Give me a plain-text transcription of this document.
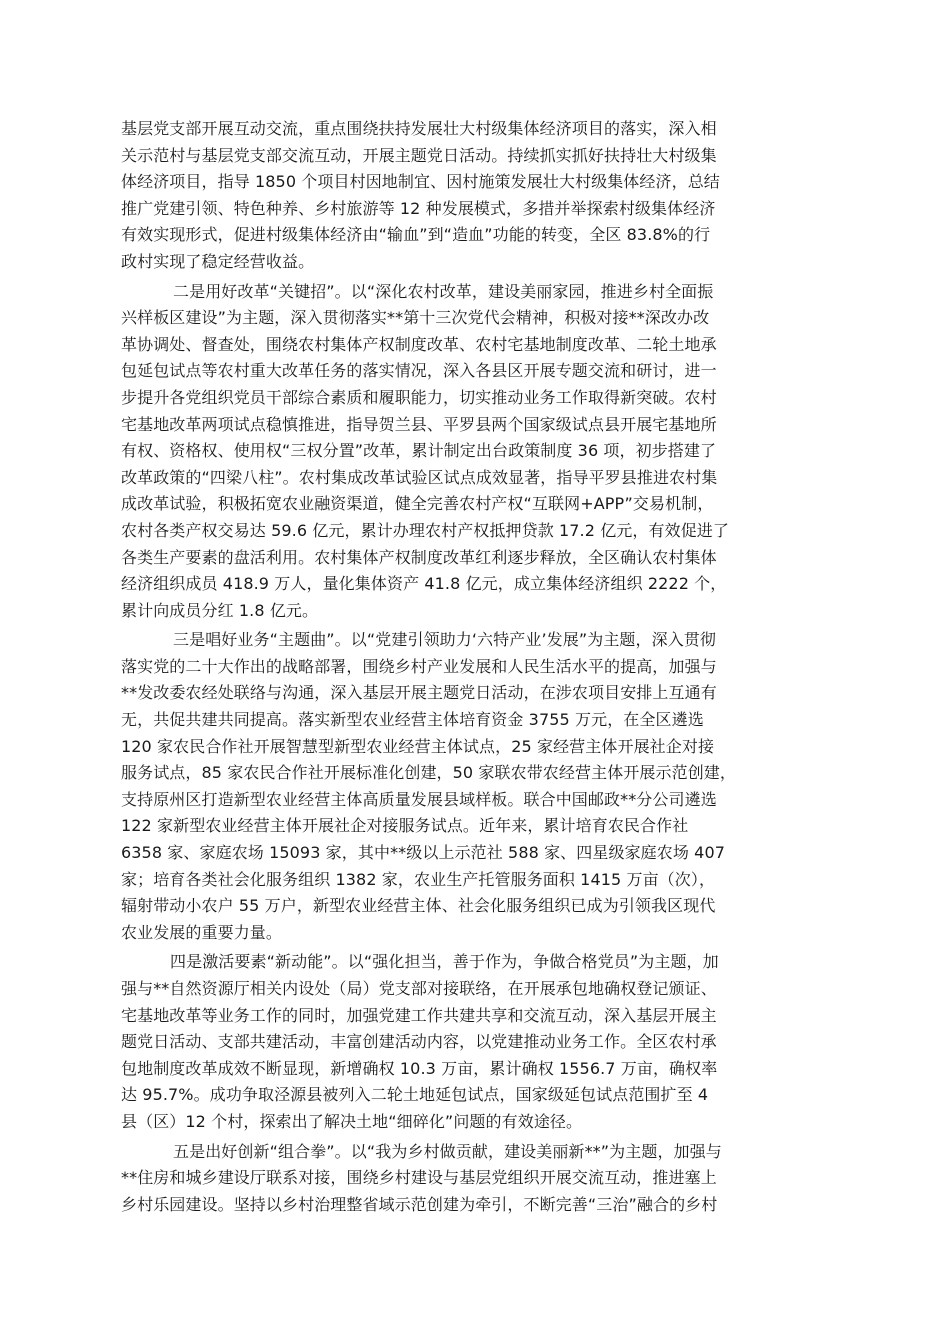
基层党支部开展互动交流，重点围绕扶持发展壮大村级集体经济项目的落实，深入相
关示范村与基层党支部交流互动，开展主题党日活动。持续抓实抓好扶持壮大村级集
体经济项目，指导 1850 个项目村因地制宜、因村施策发展壮大村级集体经济，总结
推广党建引领、特色种养、乡村旅游等 12 种发展模式，多措并举探索村级集体经济
有效实现形式，促进村级集体经济由“输血”到“造血”功能的转变，全区 83.8%的行
政村实现了稳定经营收益。
二是用好改革“关键招”。以“深化农村改革，建设美丽家园，推进乡村全面振
兴样板区建设”为主题，深入贯彻落实**第十三次党代会精神，积极对接**深改办改
革协调处、督查处，围绕农村集体产权制度改革、农村宅基地制度改革、二轮土地承
包延包试点等农村重大改革任务的落实情况，深入各县区开展专题交流和研讨，进一
步提升各党组织党员干部综合素质和履职能力，切实推动业务工作取得新突破。农村
宅基地改革两项试点稳慎推进，指导贺兰县、平罗县两个国家级试点县开展宅基地所
有权、资格权、使用权“三权分置”改革，累计制定出台政策制度 36 项，初步搭建了
改革政策的“四梁八柱”。农村集成改革试验区试点成效显著，指导平罗县推进农村集
成改革试验，积极拓宽农业融资渠道，健全完善农村产权“互联网+APP”交易机制，
农村各类产权交易达 59.6 亿元，累计办理农村产权抵押贷款 17.2 亿元，有效促进了
各类生产要素的盘活利用。农村集体产权制度改革红利逐步释放，全区确认农村集体
经济组织成员 418.9 万人，量化集体资产 41.8 亿元，成立集体经济组织 2222 个，
累计向成员分红 1.8 亿元。
三是唱好业务“主题曲”。以“党建引领助力‘六特产业’发展”为主题，深入贯彻
落实党的二十大作出的战略部署，围绕乡村产业发展和人民生活水平的提高，加强与
**发改委农经处联络与沟通，深入基层开展主题党日活动，在涉农项目安排上互通有
无，共促共建共同提高。落实新型农业经营主体培育资金 3755 万元，在全区遴选
120 家农民合作社开展智慧型新型农业经营主体试点，25 家经营主体开展社企对接
服务试点，85 家农民合作社开展标准化创建，50 家联农带农经营主体开展示范创建，
支持原州区打造新型农业经营主体高质量发展县域样板。联合中国邮政**分公司遴选
122 家新型农业经营主体开展社企对接服务试点。近年来，累计培育农民合作社
6358 家、家庭农场 15093 家，其中**级以上示范社 588 家、四星级家庭农场 407
家；培育各类社会化服务组织 1382 家，农业生产托管服务面积 1415 万亩（次），
辐射带动小农户 55 万户，新型农业经营主体、社会化服务组织已成为引领我区现代
农业发展的重要力量。
四是激活要素“新动能”。以“强化担当，善于作为，争做合格党员”为主题，加
强与**自然资源厅相关内设处（局）党支部对接联络，在开展承包地确权登记颁证、
宅基地改革等业务工作的同时，加强党建工作共建共享和交流互动，深入基层开展主
题党日活动、支部共建活动，丰富创建活动内容，以党建推动业务工作。全区农村承
包地制度改革成效不断显现，新增确权 10.3 万亩，累计确权 1556.7 万亩，确权率
达 95.7%。成功争取泾源县被列入二轮土地延包试点，国家级延包试点范围扩至 4
县（区）12 个村，探索出了解决土地“细碎化”问题的有效途径。
五是出好创新“组合拳”。以“我为乡村做贡献，建设美丽新**”为主题，加强与
**住房和城乡建设厅联系对接，围绕乡村建设与基层党组织开展交流互动，推进塞上
乡村乐园建设。坚持以乡村治理整省域示范创建为牵引，不断完善“三治”融合的乡村
